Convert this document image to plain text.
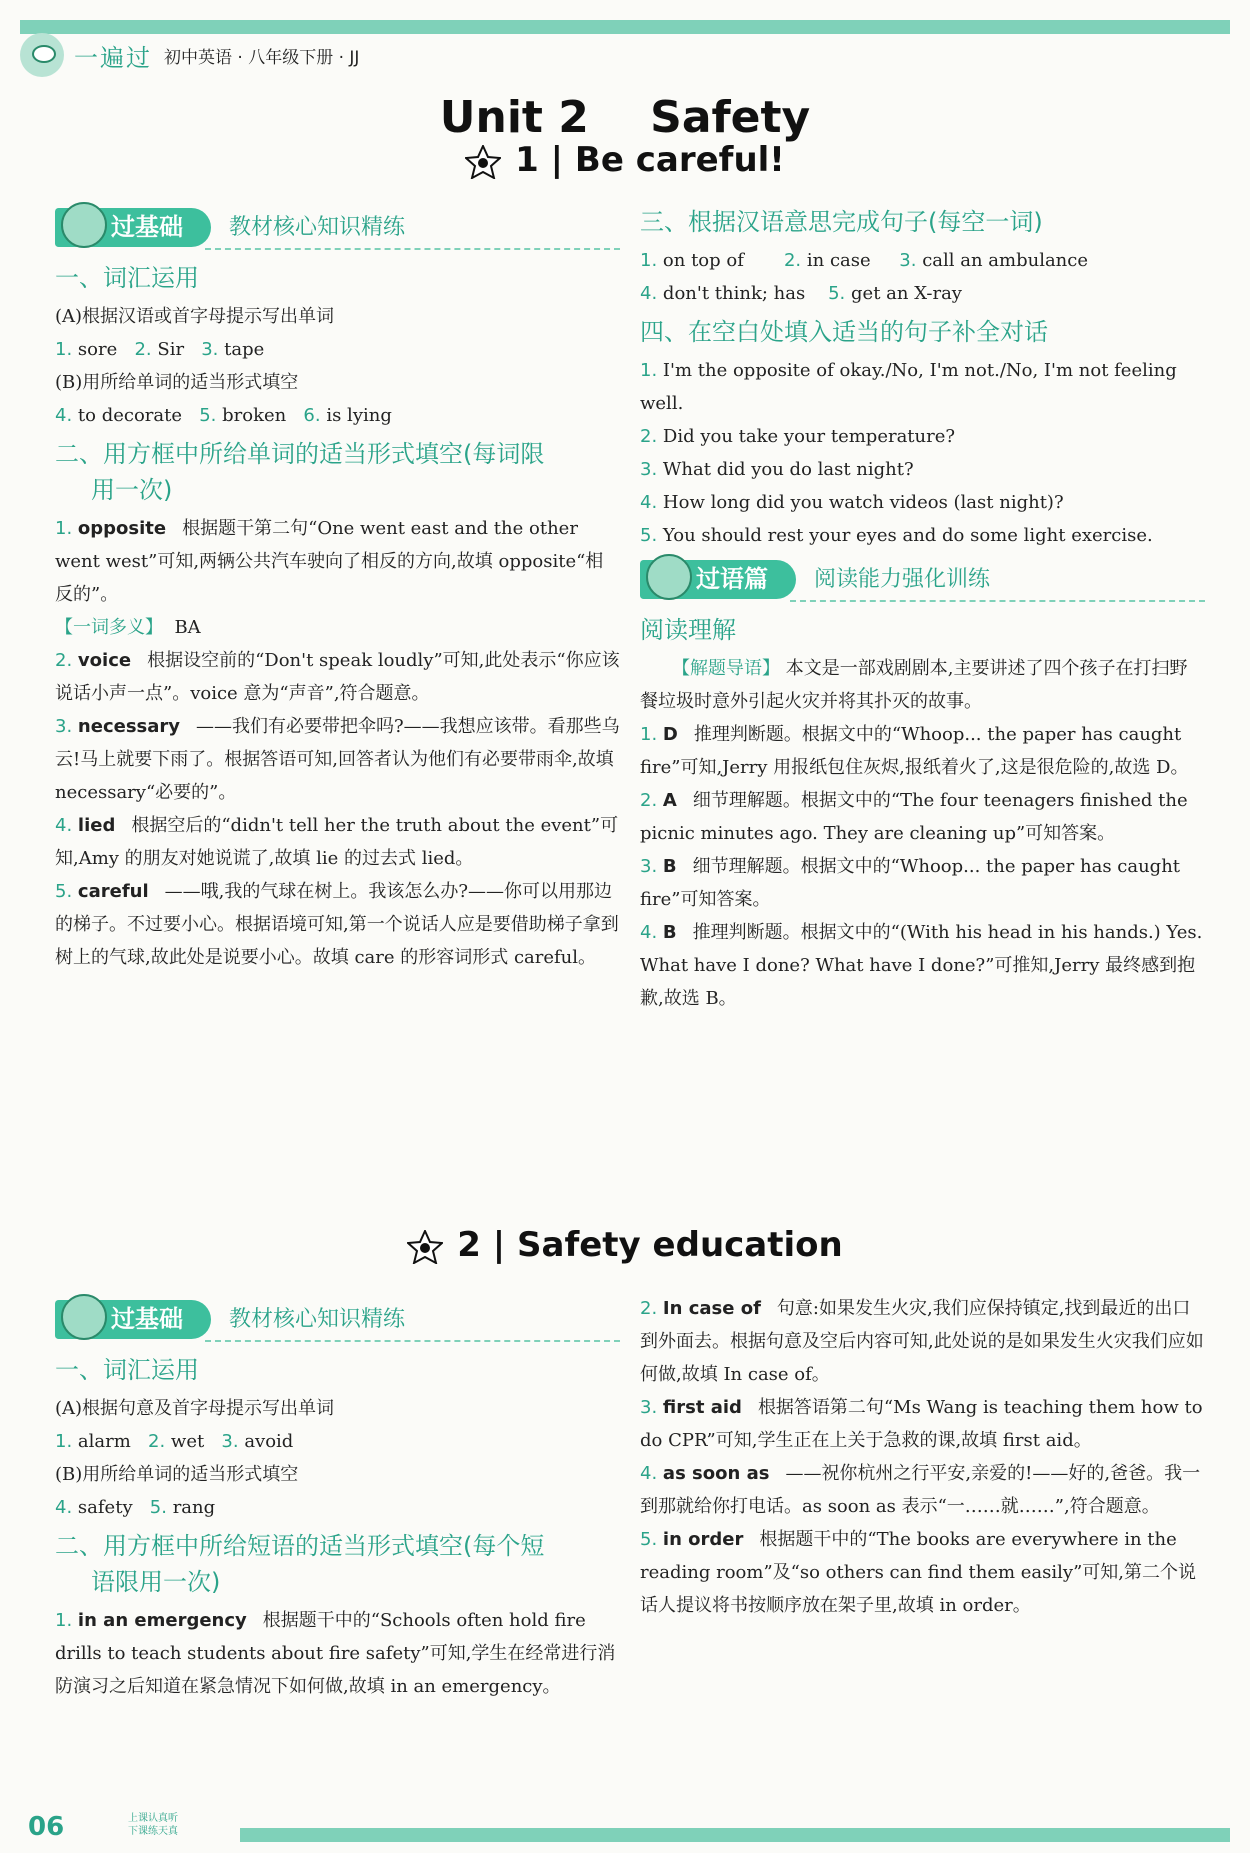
一遍过 初中英语 · 八年级下册 · JJ
Unit 2    Safety
1 | Be careful!
过基础	教材核心知识精练
一、词汇运用

(A)根据汉语或首字母提示写出单词

1. sore 2. Sir 3. tape

(B)用所给单词的适当形式填空

4. to decorate 5. broken 6. is lying

二、用方框中所给单词的适当形式填空(每词限
用一次)

1. opposite 根据题干第二句“One went east and the other went west”可知,两辆公共汽车驶向了相反的方向,故填 opposite“相反的”。

【一词多义】 BA

2. voice 根据设空前的“Don't speak loudly”可知,此处表示“你应该说话小声一点”。voice 意为“声音”,符合题意。

3. necessary ——我们有必要带把伞吗?——我想应该带。看那些乌云!马上就要下雨了。根据答语可知,回答者认为他们有必要带雨伞,故填 necessary“必要的”。

4. lied 根据空后的“didn't tell her the truth about the event”可知,Amy 的朋友对她说谎了,故填 lie 的过去式 lied。

5. careful ——哦,我的气球在树上。我该怎么办?——你可以用那边的梯子。不过要小心。根据语境可知,第一个说话人应是要借助梯子拿到树上的气球,故此处是说要小心。故填 care 的形容词形式 careful。

三、根据汉语意思完成句子(每空一词)

1. on top of 2. in case 3. call an ambulance

4. don't think; has 5. get an X-ray

四、在空白处填入适当的句子补全对话

1. I'm the opposite of okay./No, I'm not./No, I'm not feeling well.

2. Did you take your temperature?

3. What did you do last night?

4. How long did you watch videos (last night)?

5. You should rest your eyes and do some light exercise.

过语篇	阅读能力强化训练
阅读理解

【解题导语】 本文是一部戏剧剧本,主要讲述了四个孩子在打扫野餐垃圾时意外引起火灾并将其扑灭的故事。

1. D 推理判断题。根据文中的“Whoop... the paper has caught fire”可知,Jerry 用报纸包住灰烬,报纸着火了,这是很危险的,故选 D。

2. A 细节理解题。根据文中的“The four teenagers finished the picnic minutes ago. They are cleaning up”可知答案。

3. B 细节理解题。根据文中的“Whoop... the paper has caught fire”可知答案。

4. B 推理判断题。根据文中的“(With his head in his hands.) Yes. What have I done? What have I done?”可推知,Jerry 最终感到抱歉,故选 B。

2 | Safety education
过基础	教材核心知识精练
一、词汇运用

(A)根据句意及首字母提示写出单词

1. alarm 2. wet 3. avoid

(B)用所给单词的适当形式填空

4. safety 5. rang

二、用方框中所给短语的适当形式填空(每个短
语限用一次)

1. in an emergency 根据题干中的“Schools often hold fire drills to teach students about fire safety”可知,学生在经常进行消防演习之后知道在紧急情况下如何做,故填 in an emergency。

2. In case of 句意:如果发生火灾,我们应保持镇定,找到最近的出口到外面去。根据句意及空后内容可知,此处说的是如果发生火灾我们应如何做,故填 In case of。

3. first aid 根据答语第二句“Ms Wang is teaching them how to do CPR”可知,学生正在上关于急救的课,故填 first aid。

4. as soon as ——祝你杭州之行平安,亲爱的!——好的,爸爸。我一到那就给你打电话。as soon as 表示“一……就……”,符合题意。

5. in order 根据题干中的“The books are everywhere in the reading room”及“so others can find them easily”可知,第二个说话人提议将书按顺序放在架子里,故填 in order。

06	上课认真听
下课练天真
